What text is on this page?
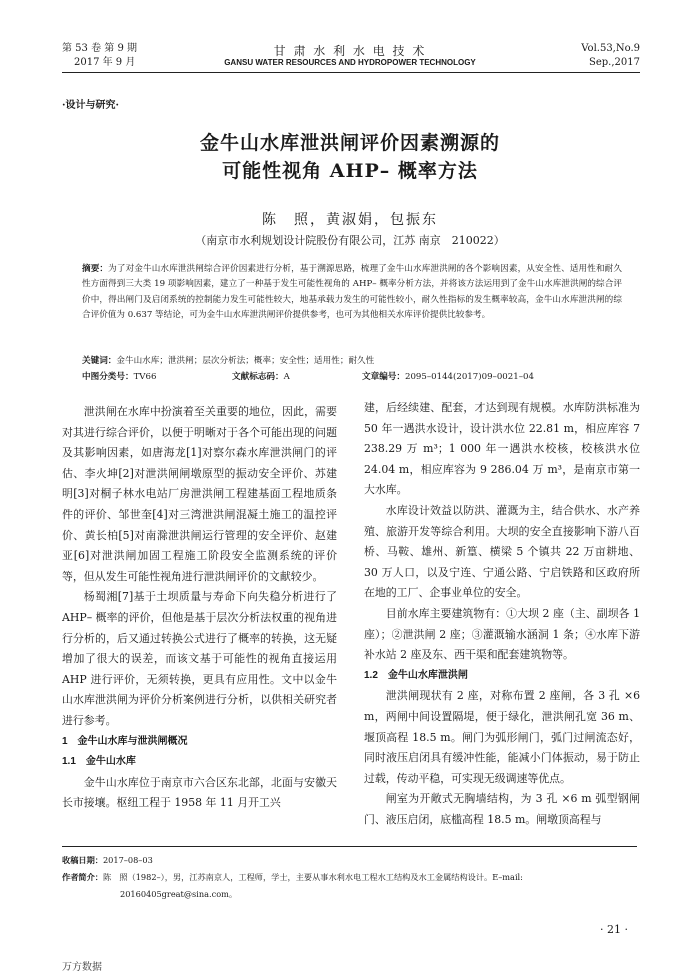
第 53 卷 第 9 期
2017 年 9 月
甘 肃 水 利 水 电 技 术
GANSU WATER RESOURCES AND HYDROPOWER TECHNOLOGY
Vol.53,No.9
Sep.,2017
·设计与研究·
金牛山水库泄洪闸评价因素溯源的
可能性视角 AHP– 概率方法
陈　照，黄淑娟，包振东
（南京市水利规划设计院股份有限公司，江苏 南京　210022）
摘要：为了对金牛山水库泄洪闸综合评价因素进行分析，基于溯源思路，梳理了金牛山水库泄洪闸的各个影响因素，从安全性、适用性和耐久性方面得到三大类 19 项影响因素，建立了一种基于发生可能性视角的 AHP– 概率分析方法，并将该方法运用到了金牛山水库泄洪闸的综合评价中，得出闸门及启闭系统的控制能力发生可能性较大，地基承载力发生的可能性较小，耐久性指标的发生概率较高，金牛山水库泄洪闸的综合评价值为 0.637 等结论，可为金牛山水库泄洪闸评价提供参考，也可为其他相关水库评价提供比较参考。
关键词：金牛山水库；泄洪闸；层次分析法；概率；安全性；适用性；耐久性
中图分类号：TV66	文献标志码：A	文章编号：2095–0144(2017)09–0021–04

泄洪闸在水库中扮演着至关重要的地位，因此，需要对其进行综合评价，以便于明晰对于各个可能出现的问题及其影响因素，如唐海龙[1]对察尔森水库泄洪闸门的评估、李火坤[2]对泄洪闸闸墩原型的振动安全评价、苏建明[3]对桐子林水电站厂房泄洪闸工程建基面工程地质条件的评价、邹世奎[4]对三湾泄洪闸混凝土施工的温控评价、黄长柏[5]对南滁泄洪闸运行管理的安全评价、赵建亚[6]对泄洪闸加固工程施工阶段安全监测系统的评价等，但从发生可能性视角进行泄洪闸评价的文献较少。

杨蜀湘[7]基于土坝质量与寿命下向失稳分析进行了 AHP– 概率的评价，但他是基于层次分析法权重的视角进行分析的，后又通过转换公式进行了概率的转换，这无疑增加了很大的误差，而该文基于可能性的视角直接运用 AHP 进行评价，无须转换，更具有应用性。文中以金牛山水库泄洪闸为评价分析案例进行分析，以供相关研究者进行参考。

1　金牛山水库与泄洪闸概况

1.1　金牛山水库

金牛山水库位于南京市六合区东北部，北面与安徽天长市接壤。枢纽工程于 1958 年 11 月开工兴

建，后经续建、配套，才达到现有规模。水库防洪标准为 50 年一遇洪水设计，设计洪水位 22.81 m，相应库容 7 238.29 万 m³；1 000 年一遇洪水校核，校核洪水位 24.04 m，相应库容为 9 286.04 万 m³，是南京市第一大水库。

水库设计效益以防洪、灌溉为主，结合供水、水产养殖、旅游开发等综合利用。大坝的安全直接影响下游八百桥、马鞍、雄州、新篁、横梁 5 个镇共 22 万亩耕地、30 万人口，以及宁连、宁通公路、宁启铁路和区政府所在地的工厂、企事业单位的安全。

目前水库主要建筑物有：①大坝 2 座（主、副坝各 1 座）；②泄洪闸 2 座；③灌溉输水涵洞 1 条；④水库下游补水站 2 座及东、西干渠和配套建筑物等。

1.2　金牛山水库泄洪闸

泄洪闸现状有 2 座，对称布置 2 座闸，各 3 孔 ×6 m，两闸中间设置隔堤，便于绿化，泄洪闸孔宽 36 m、堰顶高程 18.5 m。闸门为弧形闸门，弧门过闸流态好，同时液压启闭具有缓冲性能，能减小门体振动，易于防止过载，传动平稳，可实现无级调速等优点。

闸室为开敞式无胸墙结构，为 3 孔 ×6 m 弧型钢闸门、液压启闭，底槛高程 18.5 m。闸墩顶高程与

收稿日期：2017–08–03
作者简介：陈　照（1982–），男，江苏南京人，工程师，学士，主要从事水利水电工程水工结构及水工金属结构设计。E–mail:
20160405great@sina.com。
· 21 ·
万方数据
